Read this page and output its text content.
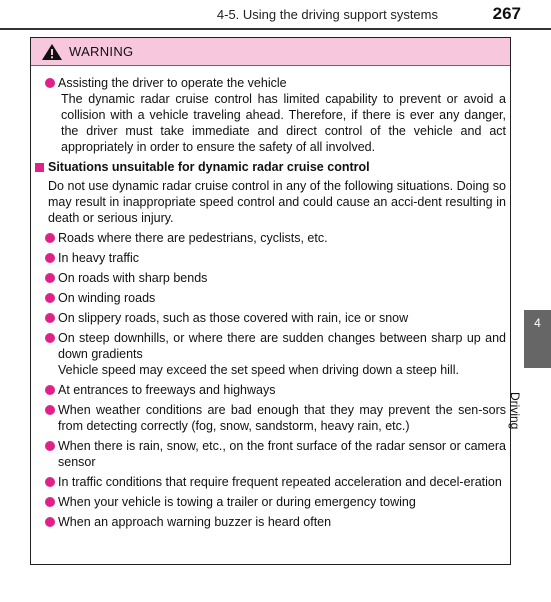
4-5. Using the driving support systems	267
WARNING
Assisting the driver to operate the vehicle
The dynamic radar cruise control has limited capability to prevent or avoid a collision with a vehicle traveling ahead. Therefore, if there is ever any danger, the driver must take immediate and direct control of the vehicle and act appropriately in order to ensure the safety of all involved.
Situations unsuitable for dynamic radar cruise control
Do not use dynamic radar cruise control in any of the following situations. Doing so may result in inappropriate speed control and could cause an acci-dent resulting in death or serious injury.
Roads where there are pedestrians, cyclists, etc.
In heavy traffic
On roads with sharp bends
On winding roads
On slippery roads, such as those covered with rain, ice or snow
On steep downhills, or where there are sudden changes between sharp up and down gradients
Vehicle speed may exceed the set speed when driving down a steep hill.
At entrances to freeways and highways
When weather conditions are bad enough that they may prevent the sen-sors from detecting correctly (fog, snow, sandstorm, heavy rain, etc.)
When there is rain, snow, etc., on the front surface of the radar sensor or camera sensor
In traffic conditions that require frequent repeated acceleration and decel-eration
When your vehicle is towing a trailer or during emergency towing
When an approach warning buzzer is heard often
4
Driving
